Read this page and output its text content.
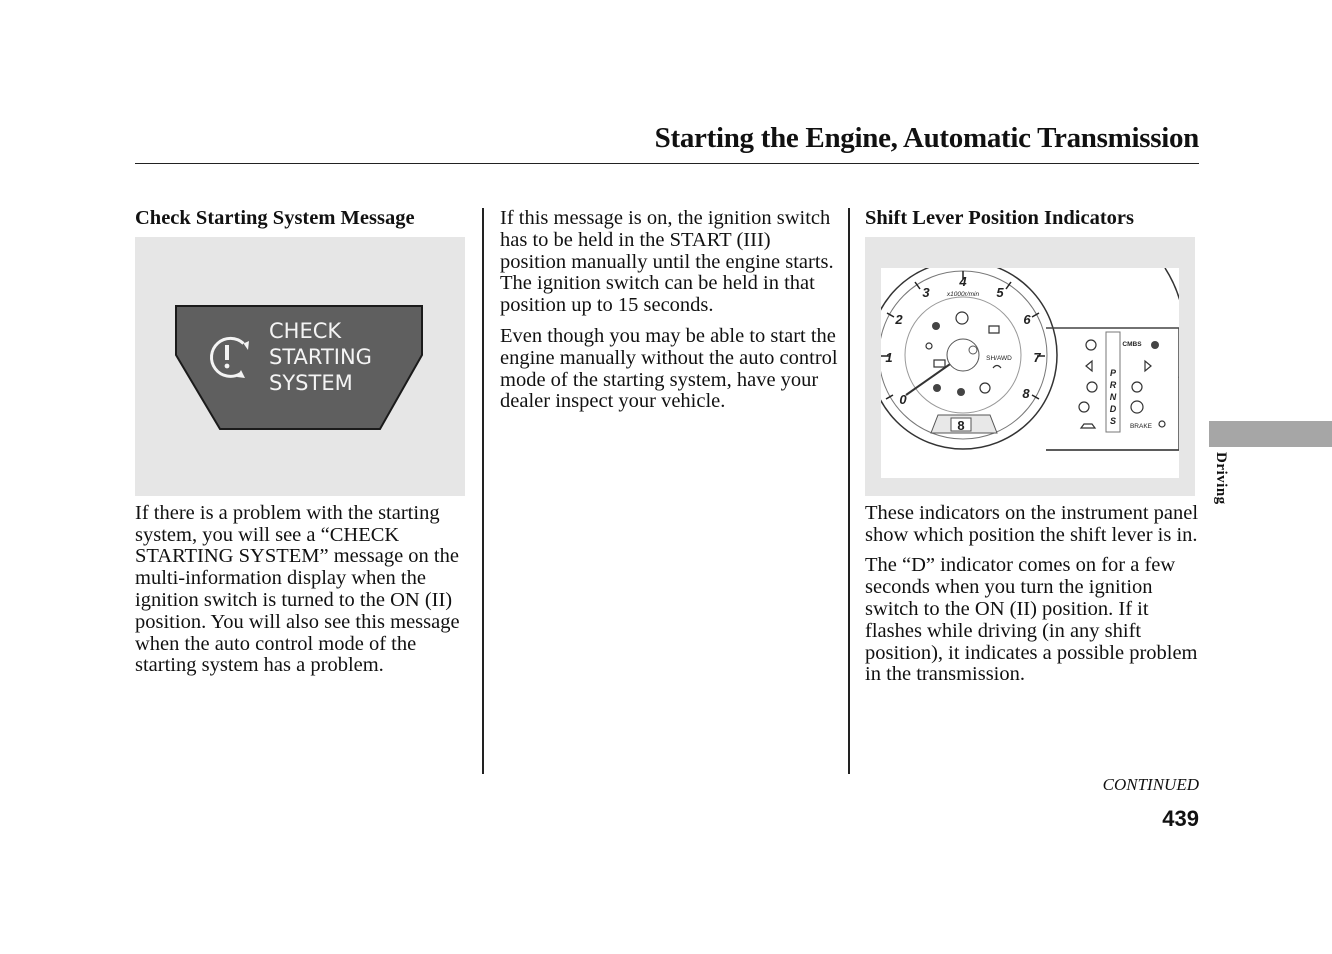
Starting the Engine, Automatic Transmission
Check Starting System Message
CHECK
STARTING
SYSTEM

If there is a problem with the starting system, you will see a “CHECK STARTING SYSTEM” message on the multi-information display when the ignition switch is turned to the ON (II) position. You will also see this message when the auto control mode of the starting system has a problem.

If this message is on, the ignition switch has to be held in the START (III) position manually until the engine starts. The ignition switch can be held in that position up to 15 seconds.

Even though you may be able to start the engine manually without the auto control mode of the starting system, have your dealer inspect your vehicle.

Shift Lever Position Indicators
0
1
2
3
4
5
6
7
8
x1000r/min
SH/AWD
8
P
R
N
D
S
CMBS
BRAKE

These indicators on the instrument panel show which position the shift lever is in.

The “D” indicator comes on for a few seconds when you turn the ignition switch to the ON (II) position. If it flashes while driving (in any shift position), it indicates a possible problem in the transmission.

Driving
CONTINUED
439
